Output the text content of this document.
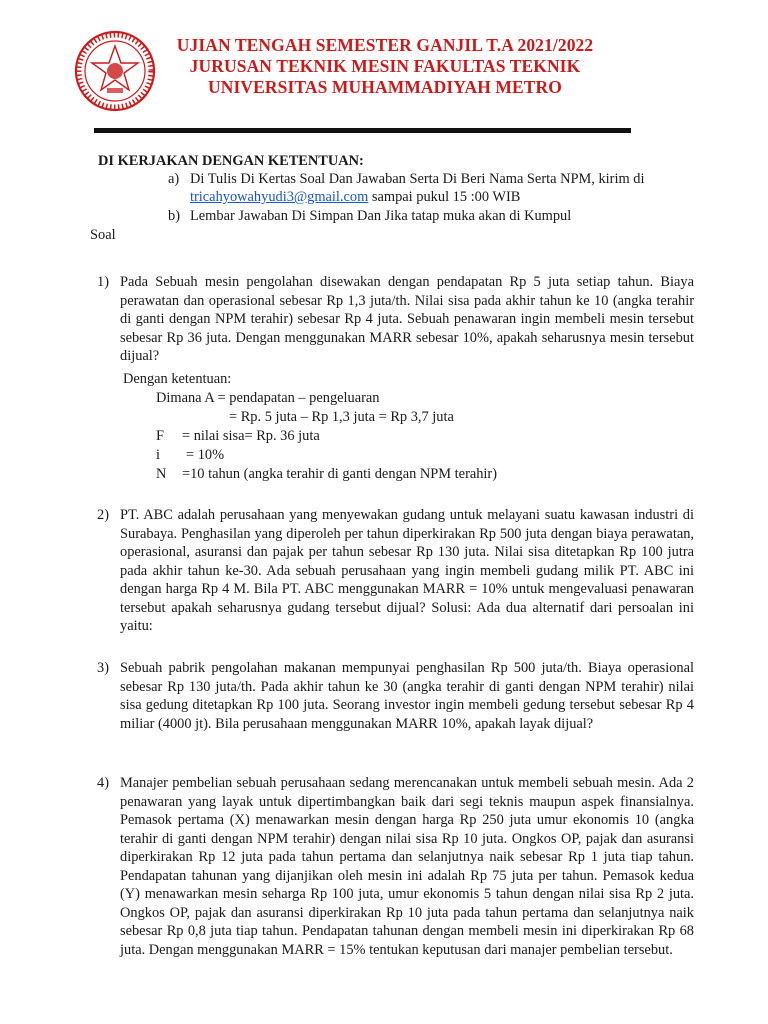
UJIAN TENGAH SEMESTER GANJIL T.A 2021/2022
JURUSAN TEKNIK MESIN FAKULTAS TEKNIK
UNIVERSITAS MUHAMMADIYAH METRO
DI KERJAKAN DENGAN KETENTUAN:
a) Di Tulis Di Kertas Soal Dan Jawaban Serta Di Beri Nama Serta NPM, kirim di
tricahyowahyudi3@gmail.com sampai pukul 15 :00 WIB
b) Lembar Jawaban Di Simpan Dan Jika tatap muka akan di Kumpul
Soal
1) Pada Sebuah mesin pengolahan disewakan dengan pendapatan Rp 5 juta setiap tahun. Biaya perawatan dan operasional sebesar Rp 1,3 juta/th. Nilai sisa pada akhir tahun ke 10 (angka terahir di ganti dengan NPM terahir) sebesar Rp 4 juta. Sebuah penawaran ingin membeli mesin tersebut sebesar Rp 36 juta. Dengan menggunakan MARR sebesar 10%, apakah seharusnya mesin tersebut dijual?
Dengan ketentuan:
Dimana A = pendapatan – pengeluaran
= Rp. 5 juta – Rp 1,3 juta = Rp 3,7 juta
F = nilai sisa= Rp. 36 juta
i = 10%
N =10 tahun (angka terahir di ganti dengan NPM terahir)
2) PT. ABC adalah perusahaan yang menyewakan gudang untuk melayani suatu kawasan industri di Surabaya. Penghasilan yang diperoleh per tahun diperkirakan Rp 500 juta dengan biaya perawatan, operasional, asuransi dan pajak per tahun sebesar Rp 130 juta. Nilai sisa ditetapkan Rp 100 jutra pada akhir tahun ke-30. Ada sebuah perusahaan yang ingin membeli gudang milik PT. ABC ini dengan harga Rp 4 M. Bila PT. ABC menggunakan MARR = 10% untuk mengevaluasi penawaran tersebut apakah seharusnya gudang tersebut dijual? Solusi: Ada dua alternatif dari persoalan ini yaitu:
3) Sebuah pabrik pengolahan makanan mempunyai penghasilan Rp 500 juta/th. Biaya operasional sebesar Rp 130 juta/th. Pada akhir tahun ke 30 (angka terahir di ganti dengan NPM terahir) nilai sisa gedung ditetapkan Rp 100 juta. Seorang investor ingin membeli gedung tersebut sebesar Rp 4 miliar (4000 jt). Bila perusahaan menggunakan MARR 10%, apakah layak dijual?
4) Manajer pembelian sebuah perusahaan sedang merencanakan untuk membeli sebuah mesin. Ada 2 penawaran yang layak untuk dipertimbangkan baik dari segi teknis maupun aspek finansialnya. Pemasok pertama (X) menawarkan mesin dengan harga Rp 250 juta umur ekonomis 10 (angka terahir di ganti dengan NPM terahir) dengan nilai sisa Rp 10 juta. Ongkos OP, pajak dan asuransi diperkirakan Rp 12 juta pada tahun pertama dan selanjutnya naik sebesar Rp 1 juta tiap tahun. Pendapatan tahunan yang dijanjikan oleh mesin ini adalah Rp 75 juta per tahun. Pemasok kedua (Y) menawarkan mesin seharga Rp 100 juta, umur ekonomis 5 tahun dengan nilai sisa Rp 2 juta. Ongkos OP, pajak dan asuransi diperkirakan Rp 10 juta pada tahun pertama dan selanjutnya naik sebesar Rp 0,8 juta tiap tahun. Pendapatan tahunan dengan membeli mesin ini diperkirakan Rp 68 juta. Dengan menggunakan MARR = 15% tentukan keputusan dari manajer pembelian tersebut.
